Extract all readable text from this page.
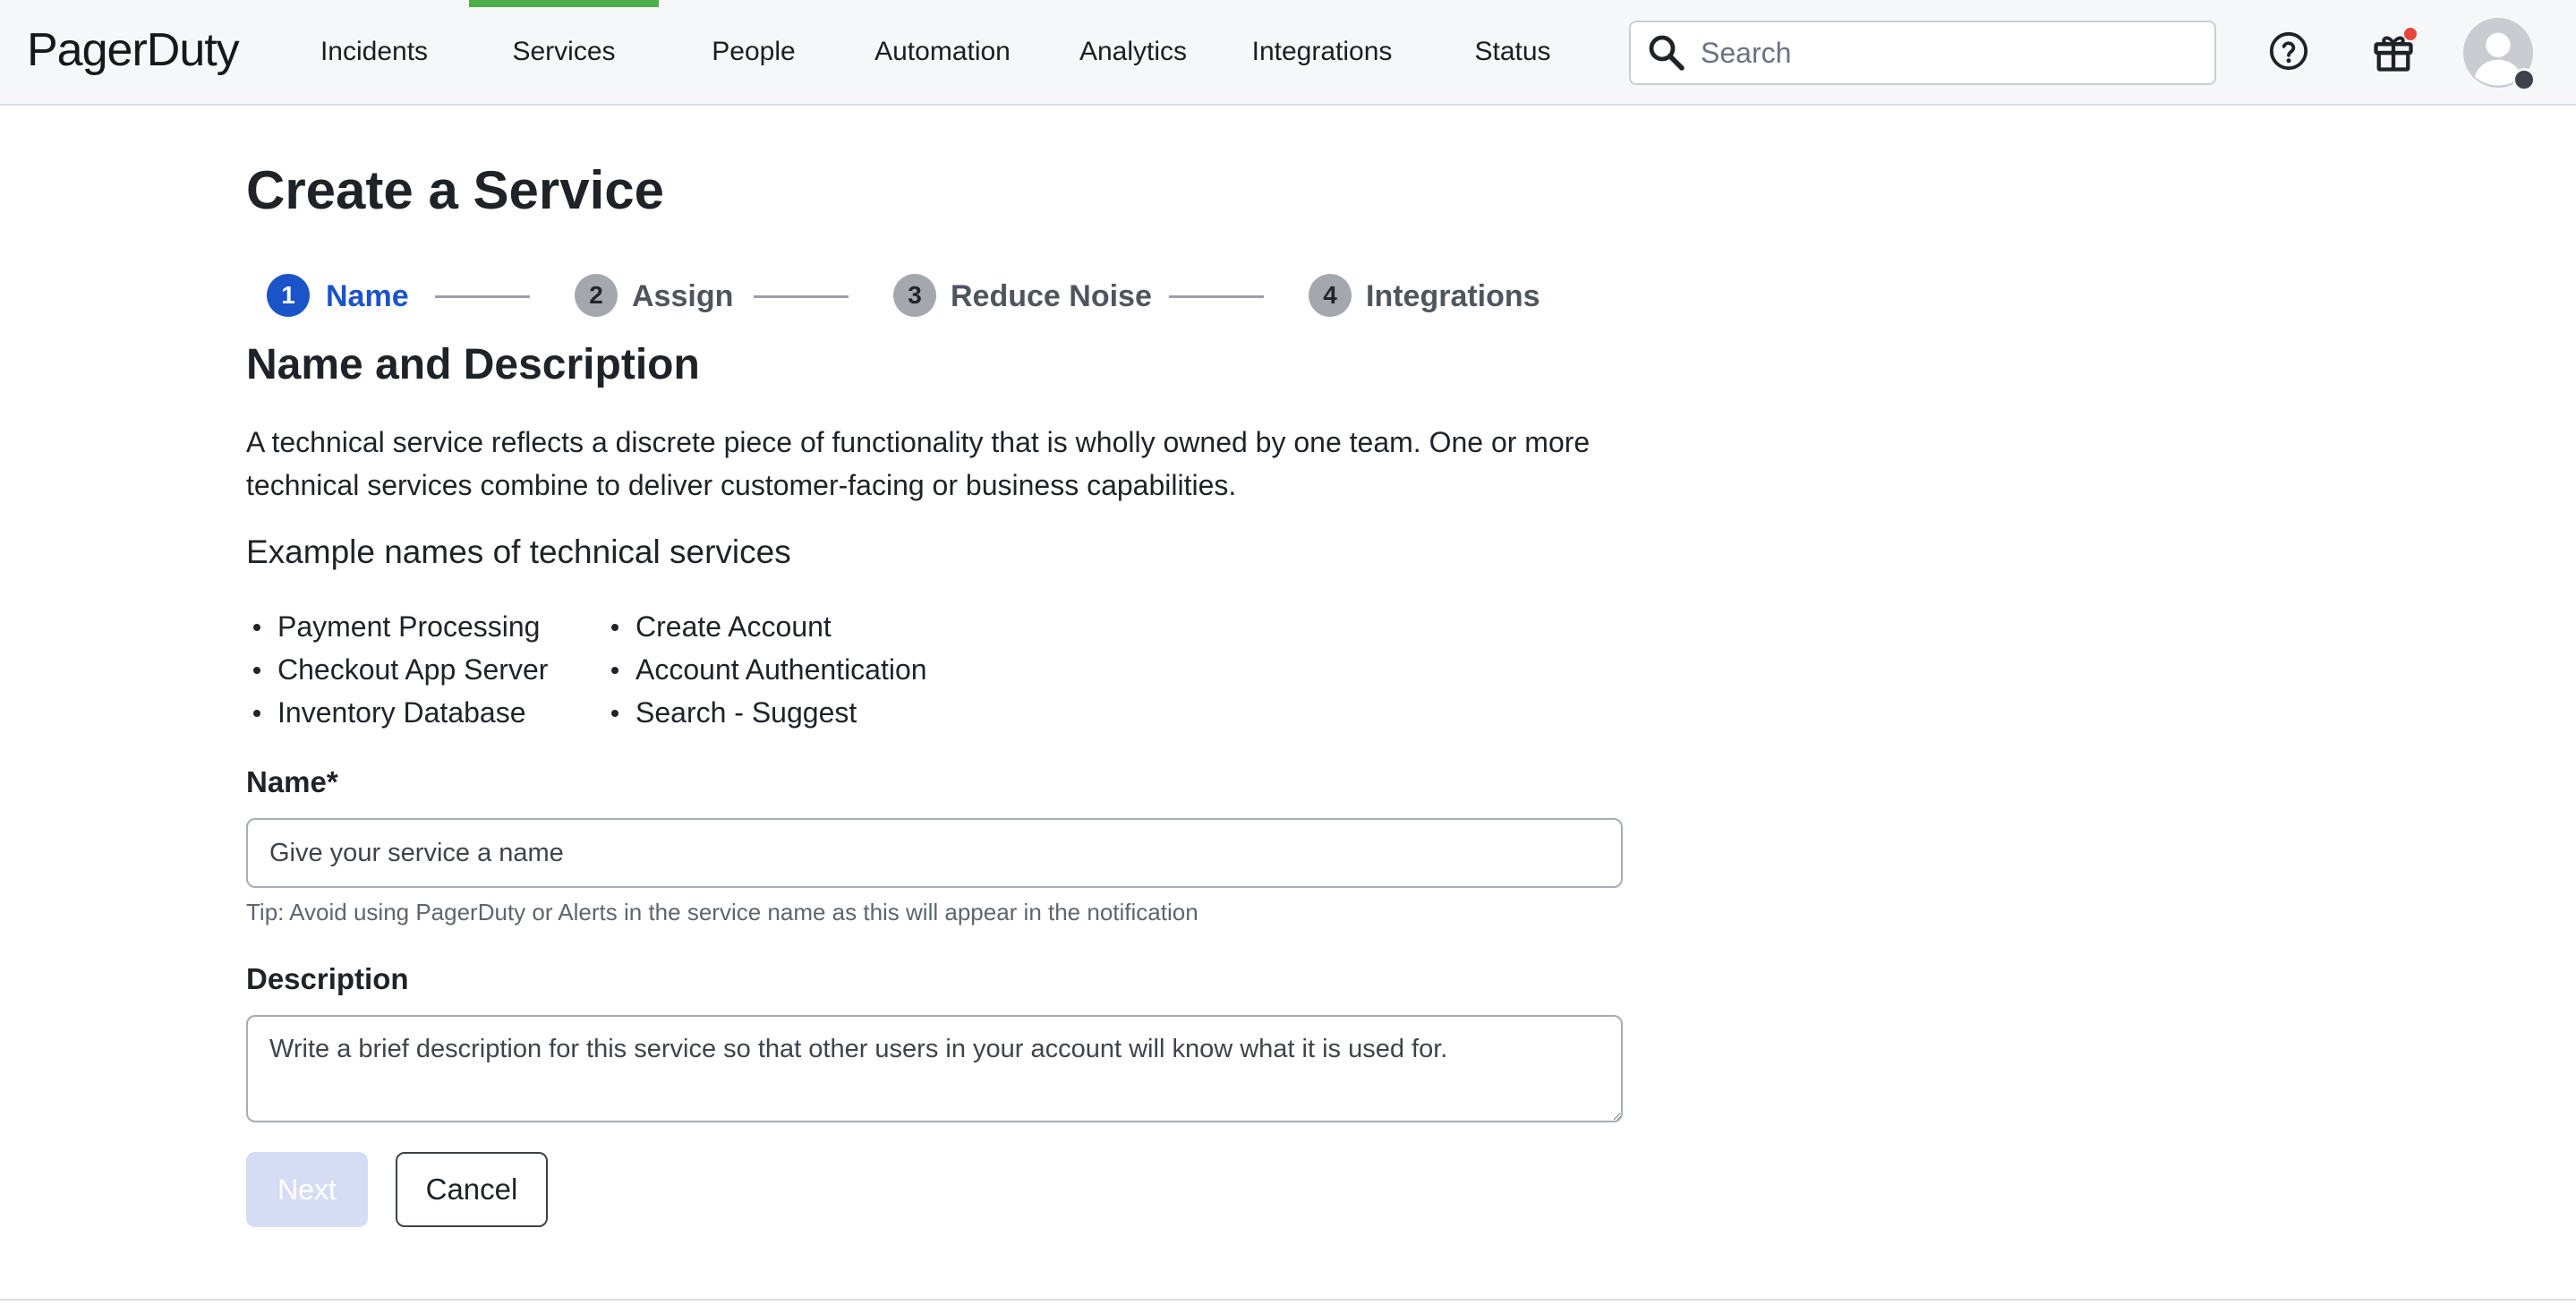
PagerDuty	Incidents	Services	People	Automation	Analytics	Integrations	Status
Search
Create a Service
1	Name	2 Assign	3 Reduce Noise	4 Integrations
Name and Description

A technical service reflects a discrete piece of functionality that is wholly owned by one team. One or more technical services combine to deliver customer-facing or business capabilities.

Example names of technical services
Payment Processing
Checkout App Server
Inventory Database
Create Account
Account Authentication
Search - Suggest
Name*
Give your service a name

Tip: Avoid using PagerDuty or Alerts in the service name as this will appear in the notification

Description
Write a brief description for this service so that other users in your account will know what it is used for.
Next	Cancel
